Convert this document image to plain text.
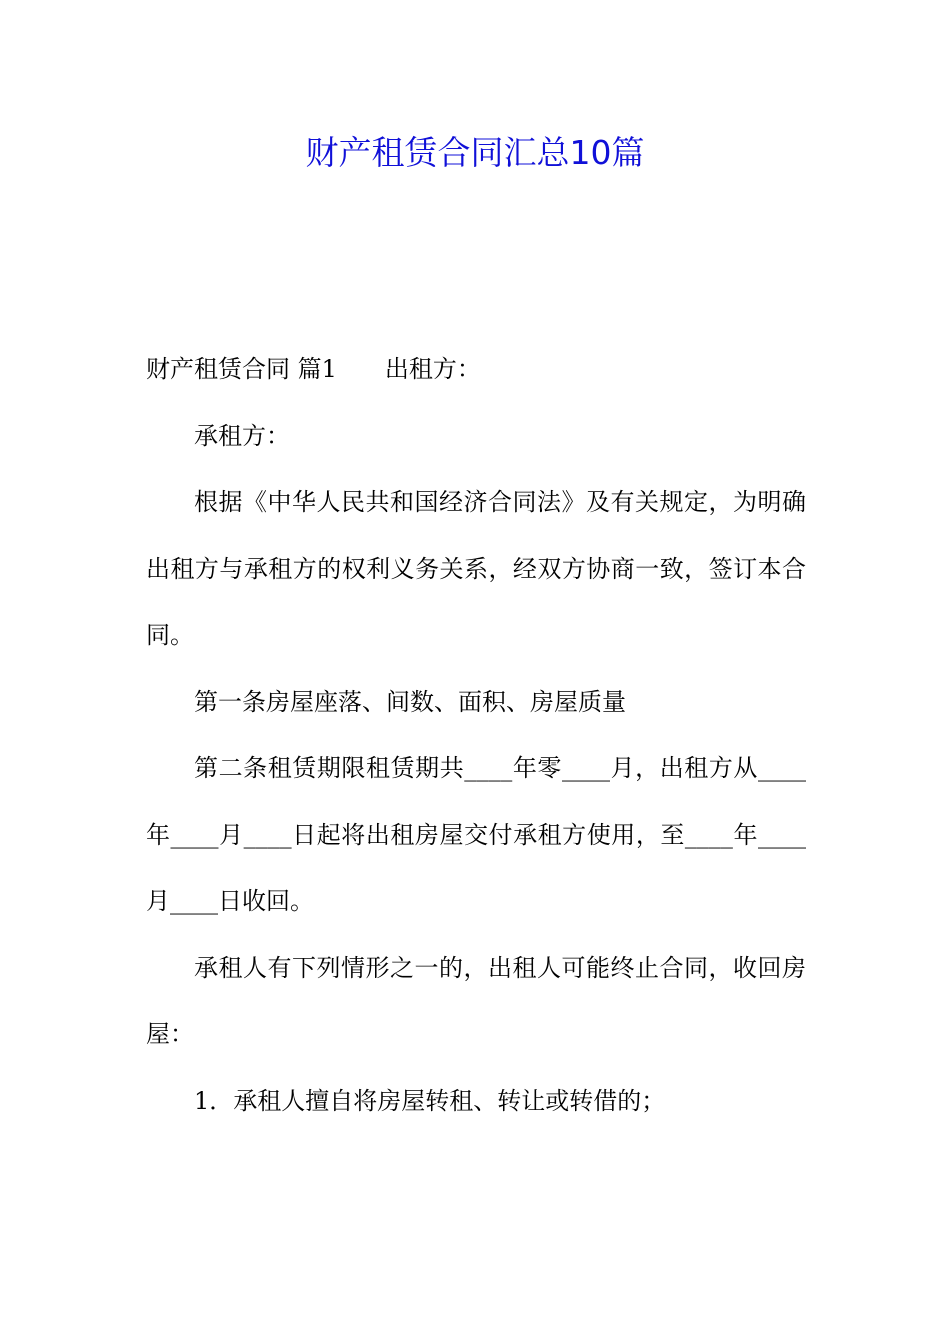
财产租赁合同汇总10篇

财产租赁合同 篇1 出租方：

承租方：

根据《中华人民共和国经济合同法》及有关规定，为明确出租方与承租方的权利义务关系，经双方协商一致，签订本合同。

第一条房屋座落、间数、面积、房屋质量

第二条租赁期限租赁期共____年零____月，出租方从____年____月____日起将出租房屋交付承租方使用，至____年____月____日收回。

承租人有下列情形之一的，出租人可能终止合同，收回房屋：

1．承租人擅自将房屋转租、转让或转借的；
